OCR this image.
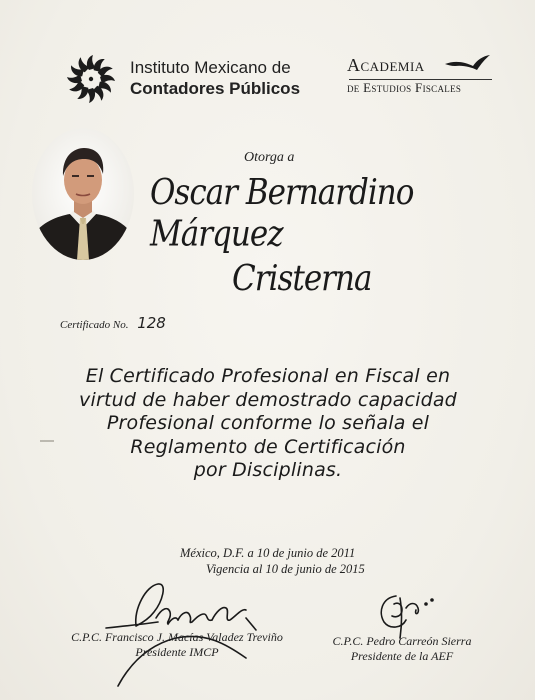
Instituto Mexicano de
Contadores Públicos
Academia
de Estudios Fiscales
Otorga a
Oscar Bernardino Márquez
Cristerna
Certificado No. 128
El Certificado Profesional en Fiscal en
virtud de haber demostrado capacidad
Profesional conforme lo señala el
Reglamento de Certificación
por Disciplinas.
México, D.F. a 10 de junio de 2011
Vigencia al 10 de junio de 2015
C.P.C. Francisco J. Macías Valadez Treviño
Presidente IMCP
C.P.C. Pedro Carreón Sierra
Presidente de la AEF
